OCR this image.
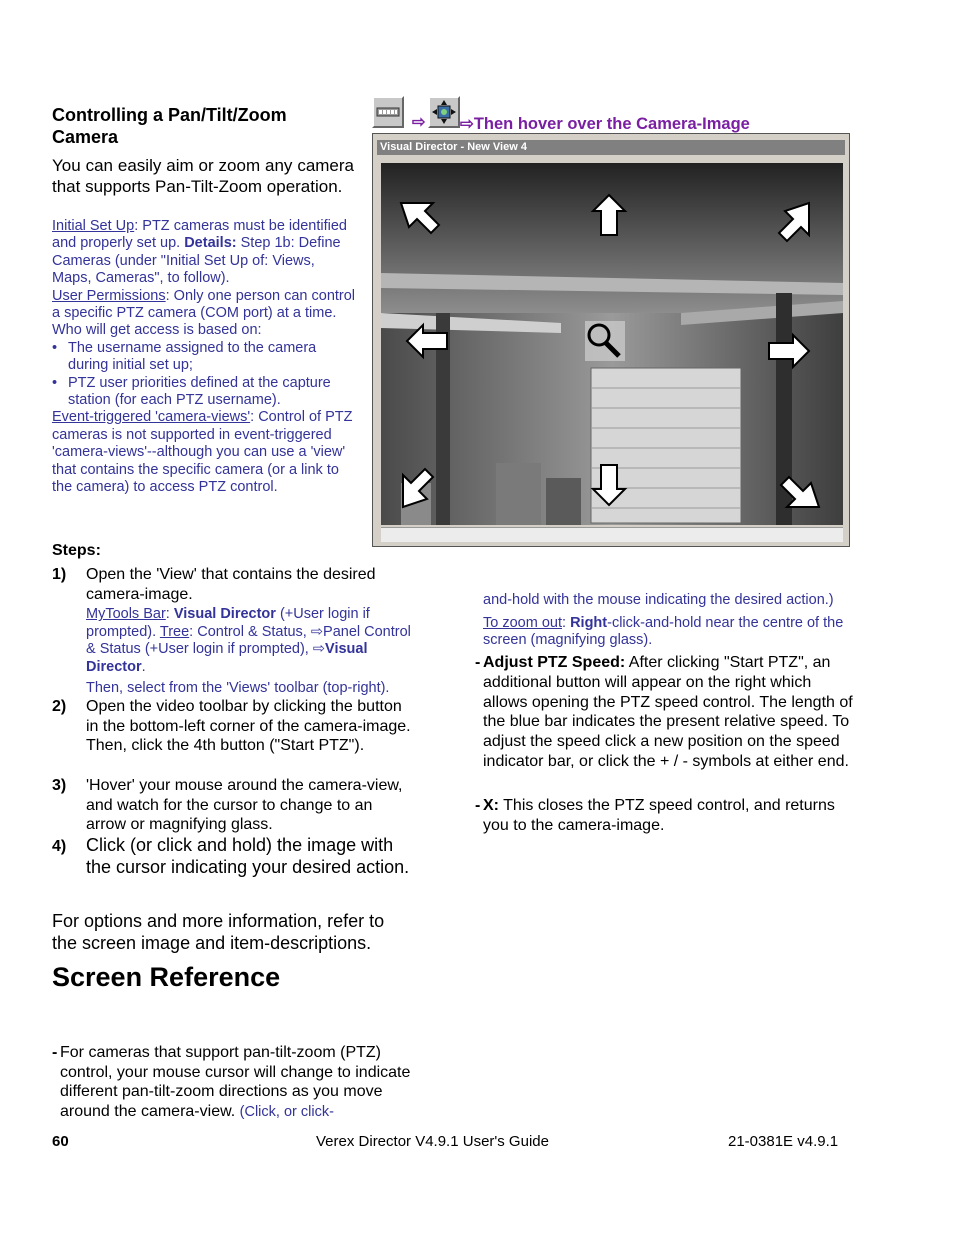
Controlling a Pan/Tilt/Zoom Camera
You can easily aim or zoom any camera that supports Pan-Tilt-Zoom operation.

Initial Set Up: PTZ cameras must be identified and properly set up. Details: Step 1b: Define Cameras (under "Initial Set Up of: Views, Maps, Cameras", to follow).

User Permissions: Only one person can control a specific PTZ camera (COM port) at a time. Who will get access is based on:

• The username assigned to the camera during initial set up;
• PTZ user priorities defined at the capture station (for each PTZ username).

Event-triggered 'camera-views': Control of PTZ cameras is not supported in event-triggered 'camera-views'--although you can use a 'view' that contains the specific camera (or a link to the camera) to access PTZ control.

Steps:
1) Open the 'View' that contains the desired camera-image.
MyTools Bar: Visual Director (+User login if prompted). Tree: Control & Status, ⇨Panel Control & Status (+User login if prompted), ⇨Visual Director.
Then, select from the 'Views' toolbar (top-right).
2) Open the video toolbar by clicking the button in the bottom-left corner of the camera-image. Then, click the 4th button ("Start PTZ").
3) 'Hover' your mouse around the camera-view, and watch for the cursor to change to an arrow or magnifying glass.
4) Click (or click and hold) the image with the cursor indicating your desired action.
For options and more information, refer to the screen image and item-descriptions.
Screen Reference
- For cameras that support pan-tilt-zoom (PTZ) control, your mouse cursor will change to indicate different pan-tilt-zoom directions as you move around the camera-view. (Click, or click-
⇨	⇨Then hover over the Camera-Image
Visual Director - New View 4
and-hold with the mouse indicating the desired action.)
To zoom out: Right-click-and-hold near the centre of the screen (magnifying glass).
- Adjust PTZ Speed: After clicking "Start PTZ", an additional button will appear on the right which allows opening the PTZ speed control. The length of the blue bar indicates the present relative speed. To adjust the speed click a new position on the speed indicator bar, or click the + / - symbols at either end.
- X: This closes the PTZ speed control, and returns you to the camera-image.
60	Verex Director V4.9.1 User's Guide	21-0381E v4.9.1
